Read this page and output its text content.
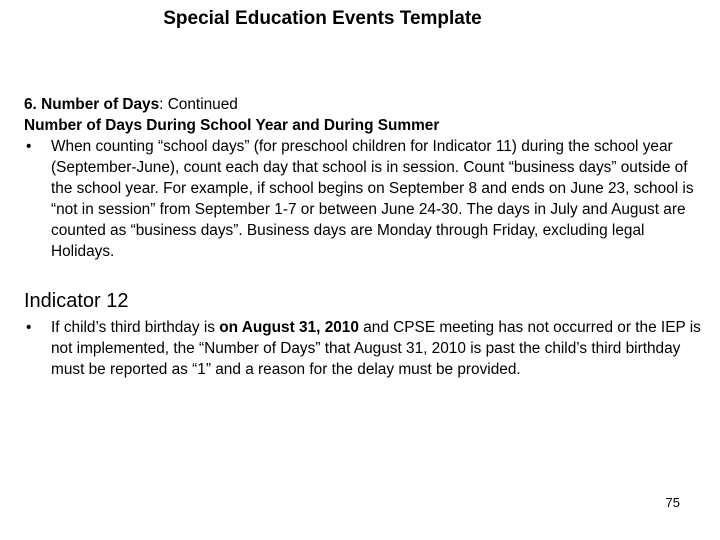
Special Education Events Template
6. Number of Days: Continued
Number of Days During School Year and During Summer
• When counting “school days” (for preschool children for Indicator 11) during the school year (September-June), count each day that school is in session. Count “business days” outside of the school year. For example, if school begins on September 8 and ends on June 23, school is “not in session” from September 1-7 or between June 24-30. The days in July and August are counted as “business days”. Business days are Monday through Friday, excluding legal Holidays.
Indicator 12
• If child’s third birthday is on August 31, 2010 and CPSE meeting has not occurred or the IEP is not implemented, the “Number of Days” that August 31, 2010 is past the child’s third birthday must be reported as “1” and a reason for the delay must be provided.
75
